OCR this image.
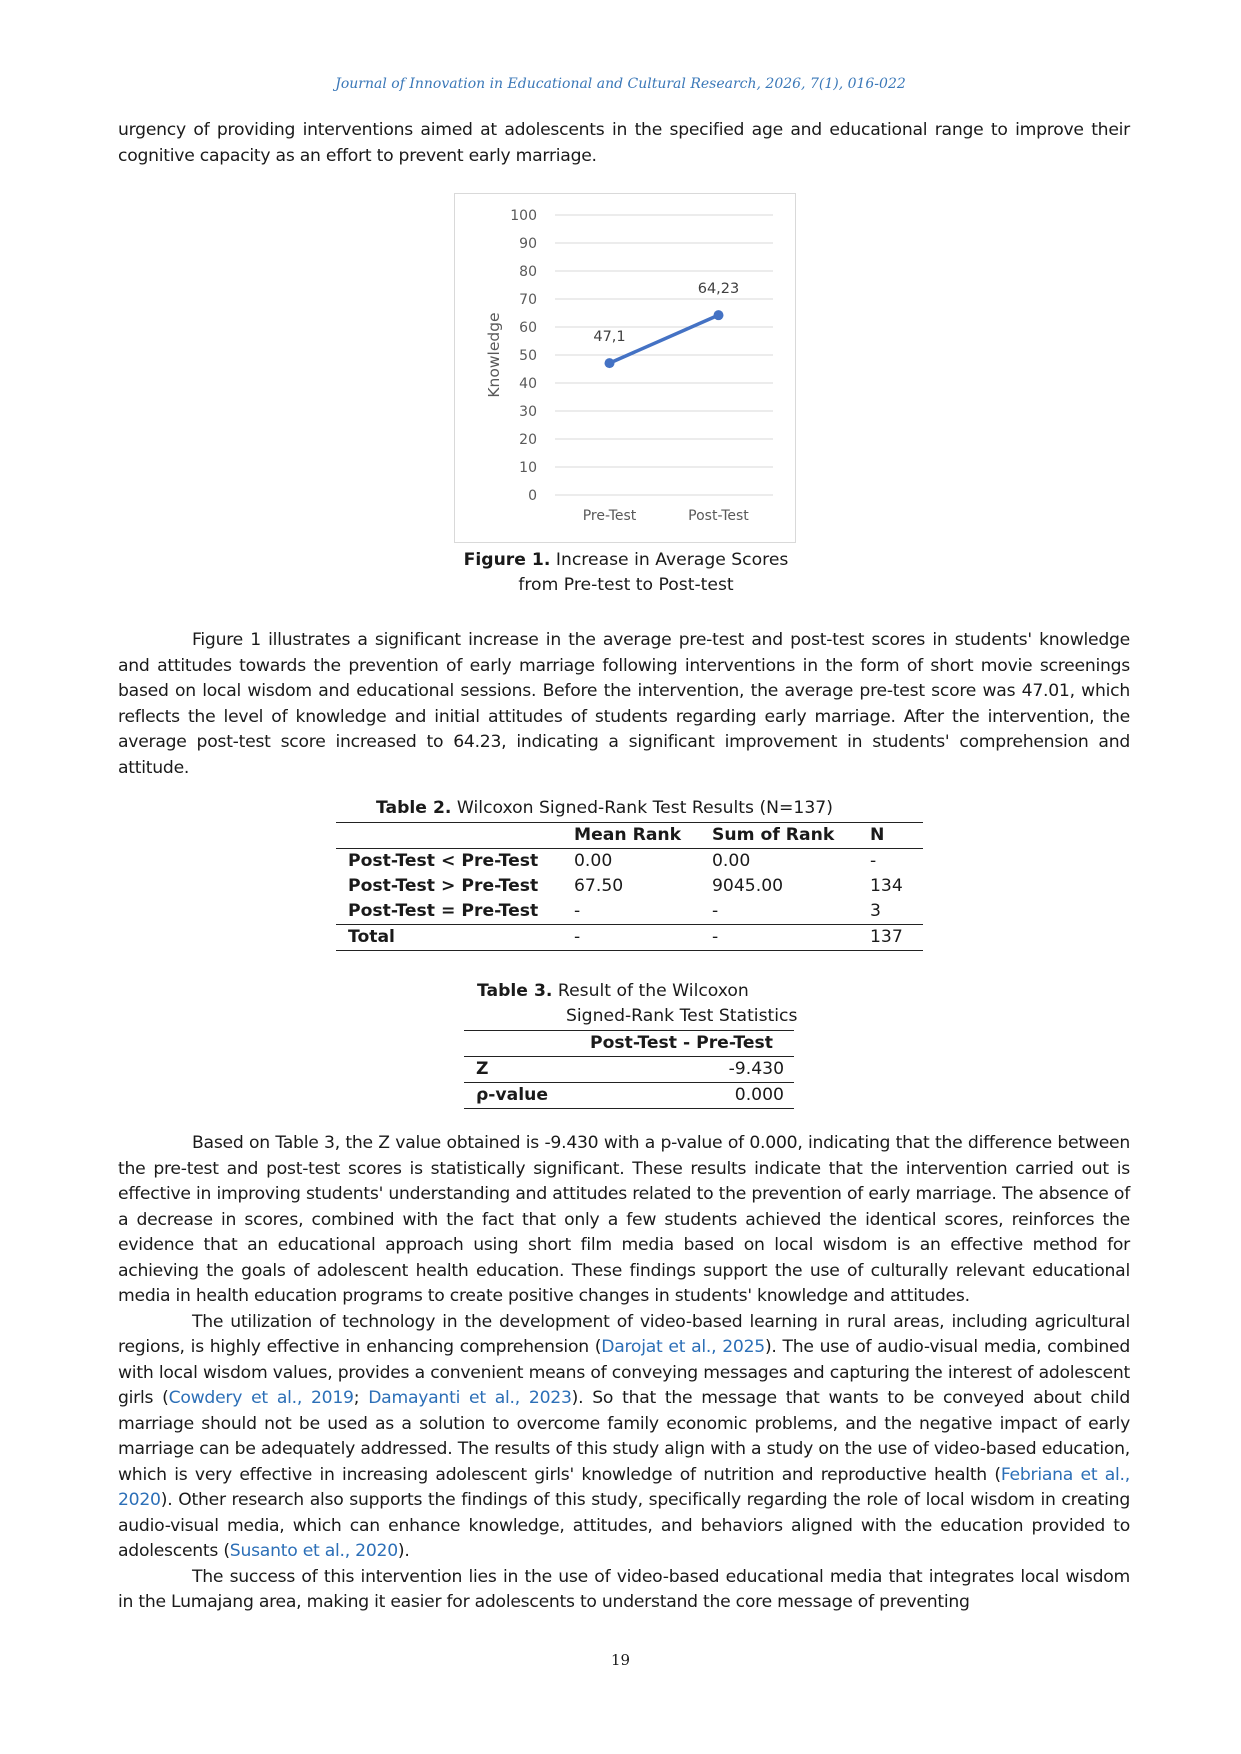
Journal of Innovation in Educational and Cultural Research, 2026, 7(1), 016-022

urgency of providing interventions aimed at adolescents in the specified age and educational range to improve their cognitive capacity as an effort to prevent early marriage.

0
10
20
30
40
50
60
70
80
90
100
Pre-Test	Post-Test
Knowledge	47,1
64,23
Figure 1. Increase in Average Scores from Pre-test to Post-test

Figure 1 illustrates a significant increase in the average pre-test and post-test scores in students' knowledge and attitudes towards the prevention of early marriage following interventions in the form of short movie screenings based on local wisdom and educational sessions. Before the intervention, the average pre-test score was 47.01, which reflects the level of knowledge and initial attitudes of students regarding early marriage. After the intervention, the average post-test score increased to 64.23, indicating a significant improvement in students' comprehension and attitude.

Table 2. Wilcoxon Signed-Rank Test Results (N=137)
	Mean Rank	Sum of Rank	N
Post-Test < Pre-Test	0.00	0.00	-
Post-Test > Pre-Test	67.50	9045.00	134
Post-Test = Pre-Test	-	-	3
Total	-	-	137
Table 3. Result of the Wilcoxon
Signed-Rank Test Statistics
	Post-Test - Pre-Test
Z	-9.430
ρ-value	0.000
Based on Table 3, the Z value obtained is -9.430 with a p-value of 0.000, indicating that the difference between the pre-test and post-test scores is statistically significant. These results indicate that the intervention carried out is effective in improving students' understanding and attitudes related to the prevention of early marriage. The absence of a decrease in scores, combined with the fact that only a few students achieved the identical scores, reinforces the evidence that an educational approach using short film media based on local wisdom is an effective method for achieving the goals of adolescent health education. These findings support the use of culturally relevant educational media in health education programs to create positive changes in students' knowledge and attitudes.
The utilization of technology in the development of video-based learning in rural areas, including agricultural regions, is highly effective in enhancing comprehension (Darojat et al., 2025). The use of audio-visual media, combined with local wisdom values, provides a convenient means of conveying messages and capturing the interest of adolescent girls (Cowdery et al., 2019; Damayanti et al., 2023). So that the message that wants to be conveyed about child marriage should not be used as a solution to overcome family economic problems, and the negative impact of early marriage can be adequately addressed. The results of this study align with a study on the use of video-based education, which is very effective in increasing adolescent girls' knowledge of nutrition and reproductive health (Febriana et al., 2020). Other research also supports the findings of this study, specifically regarding the role of local wisdom in creating audio-visual media, which can enhance knowledge, attitudes, and behaviors aligned with the education provided to adolescents (Susanto et al., 2020).
The success of this intervention lies in the use of video-based educational media that integrates local wisdom in the Lumajang area, making it easier for adolescents to understand the core message of preventing
19
